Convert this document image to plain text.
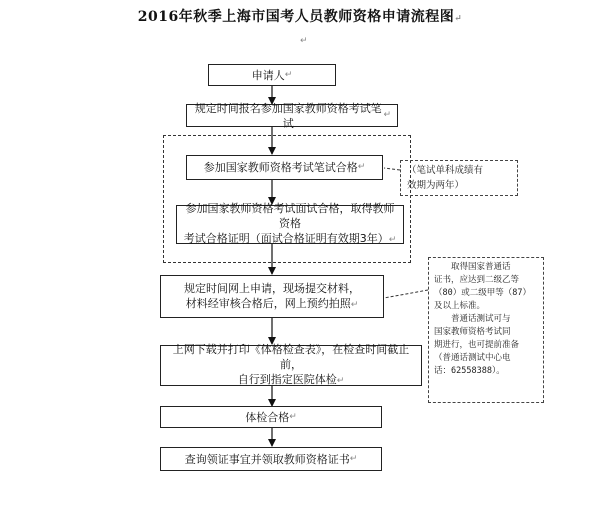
2016年秋季上海市国考人员教师资格申请流程图↵
↵
申请人 ↵
规定时间报名参加国家教师资格考试笔试
↵
参加国家教师资格考试笔试合格 ↵
参加国家教师资格考试面试合格，取得教师资格
考试合格证明（面试合格证明有效期3年）↵
规定时间网上申请，现场提交材料，
材料经审核合格后，网上预约拍照↵
上网下载并打印《体格检查表》，在检查时间截止前，
自行到指定医院体检↵
体检合格 ↵
查询领证事宜并领取教师资格证书 ↵

（笔试单科成绩有

效期为两年）

取得国家普通话

证书，应达到二级乙等

（80）或二级甲等（87）

及以上标准。

普通话测试可与

国家教师资格考试同

期进行，也可提前准备

（普通话测试中心电

话：62558388）。
